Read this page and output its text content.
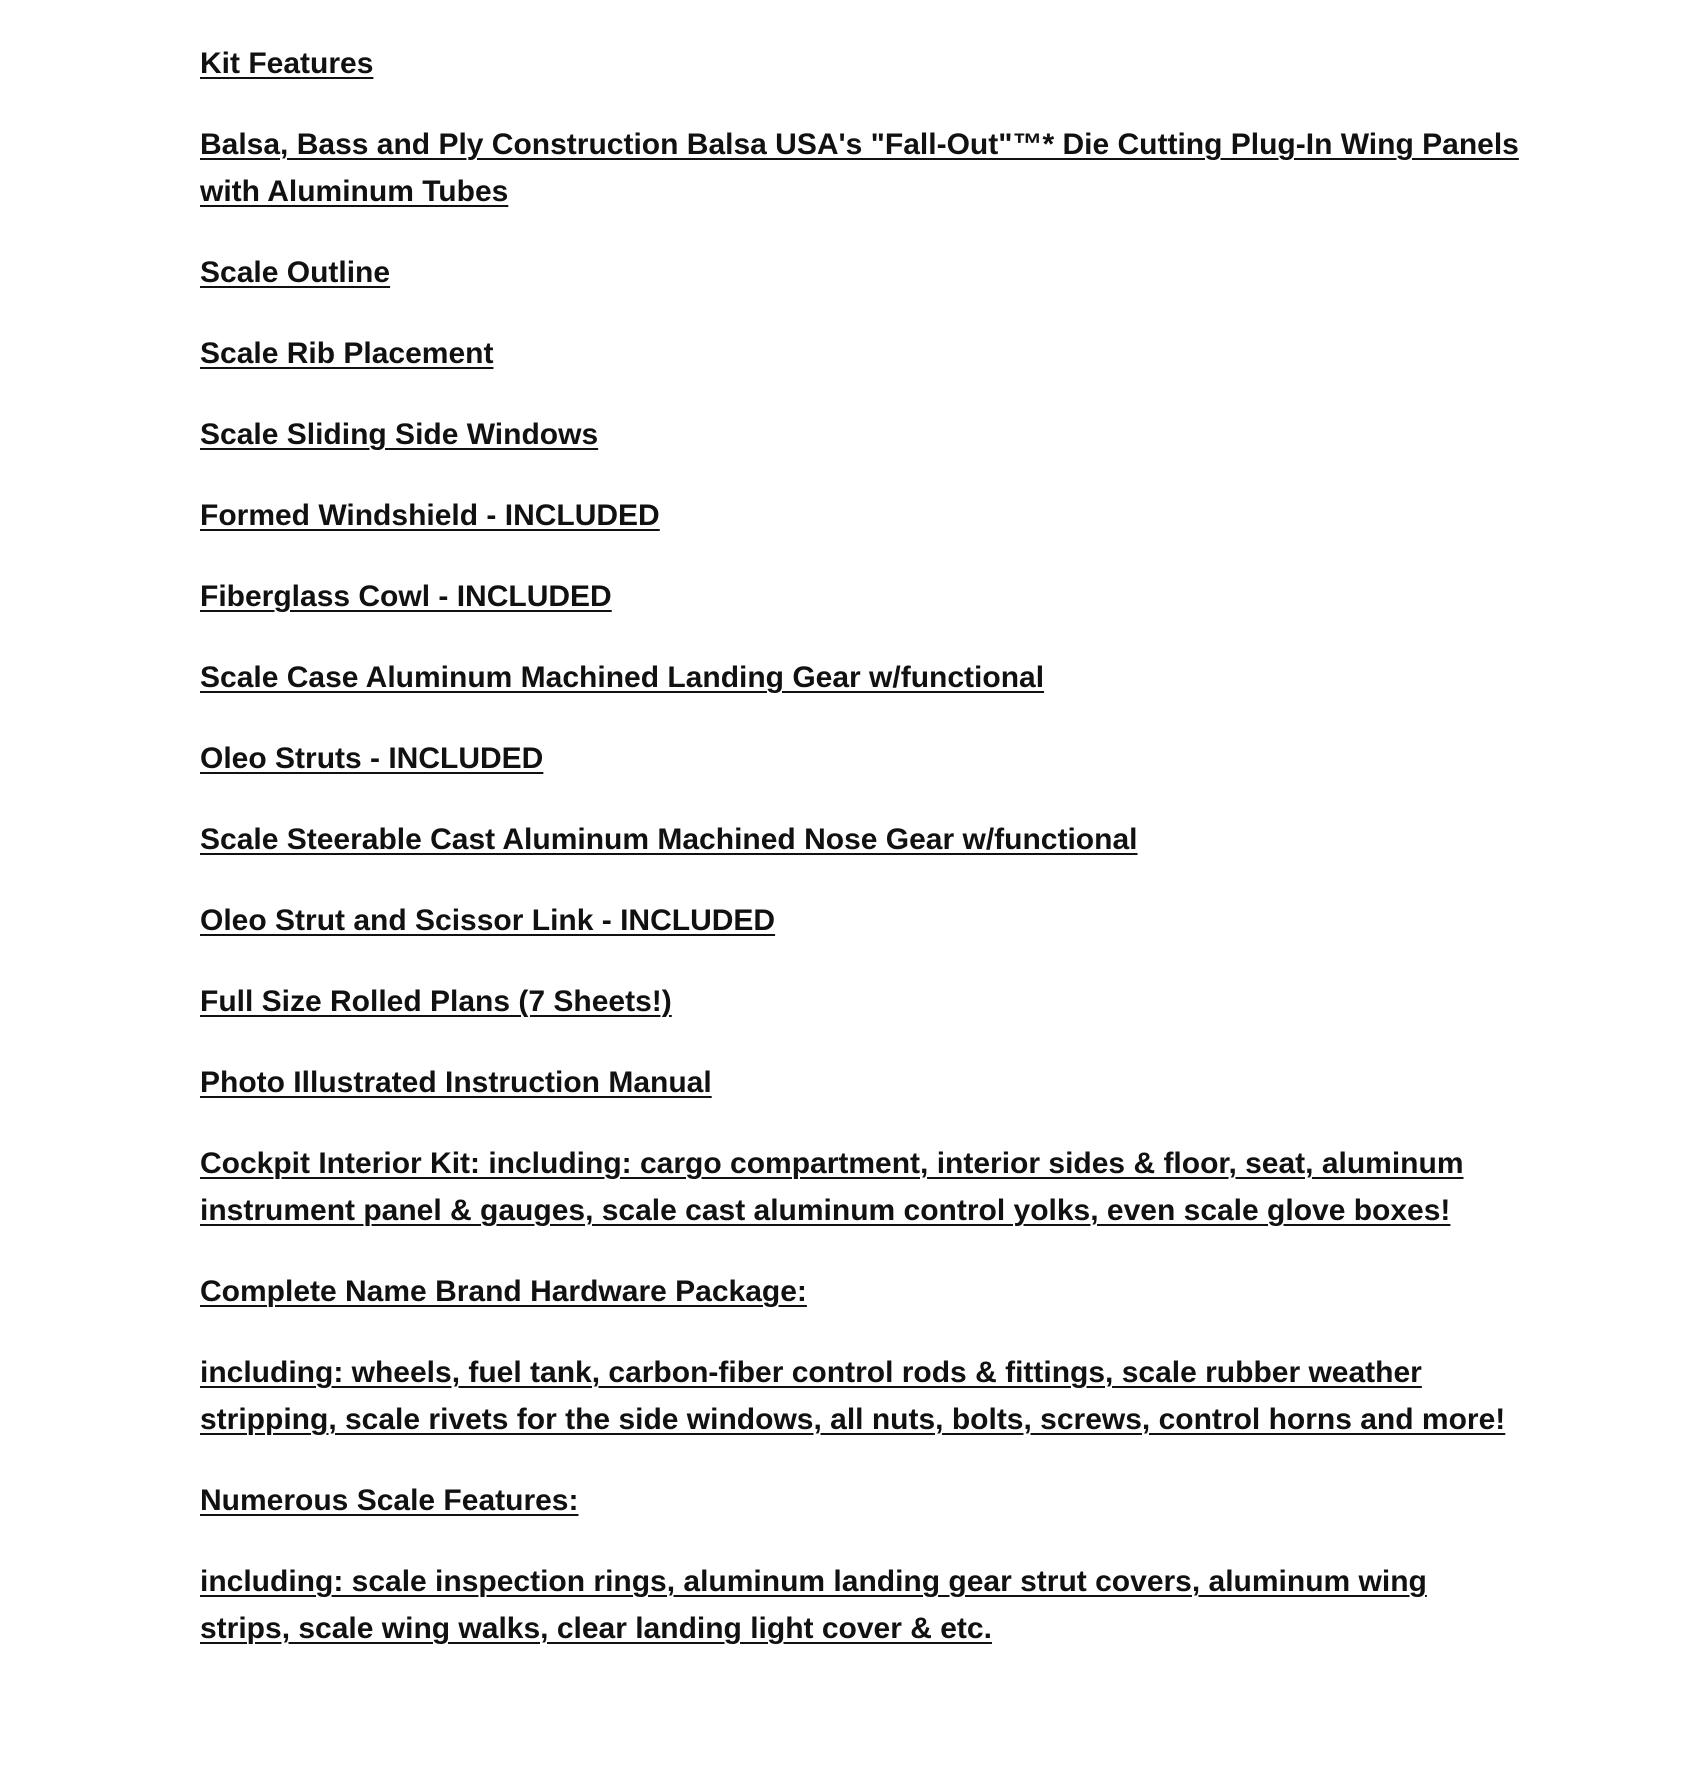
Kit Features

Balsa, Bass and Ply Construction Balsa USA's "Fall-Out"™* Die Cutting Plug-In Wing Panels with Aluminum Tubes

Scale Outline

Scale Rib Placement

Scale Sliding Side Windows

Formed Windshield - INCLUDED

Fiberglass Cowl - INCLUDED

Scale Case Aluminum Machined Landing Gear w/functional

Oleo Struts - INCLUDED

Scale Steerable Cast Aluminum Machined Nose Gear w/functional

Oleo Strut and Scissor Link - INCLUDED

Full Size Rolled Plans (7 Sheets!)

Photo Illustrated Instruction Manual

Cockpit Interior Kit: including: cargo compartment, interior sides & floor, seat, aluminum instrument panel & gauges, scale cast aluminum control yolks, even scale glove boxes!

Complete Name Brand Hardware Package:

including: wheels, fuel tank, carbon-fiber control rods & fittings, scale rubber weather stripping, scale rivets for the side windows, all nuts, bolts, screws, control horns and more!

Numerous Scale Features:

including: scale inspection rings, aluminum landing gear strut covers, aluminum wing strips, scale wing walks, clear landing light cover & etc.
